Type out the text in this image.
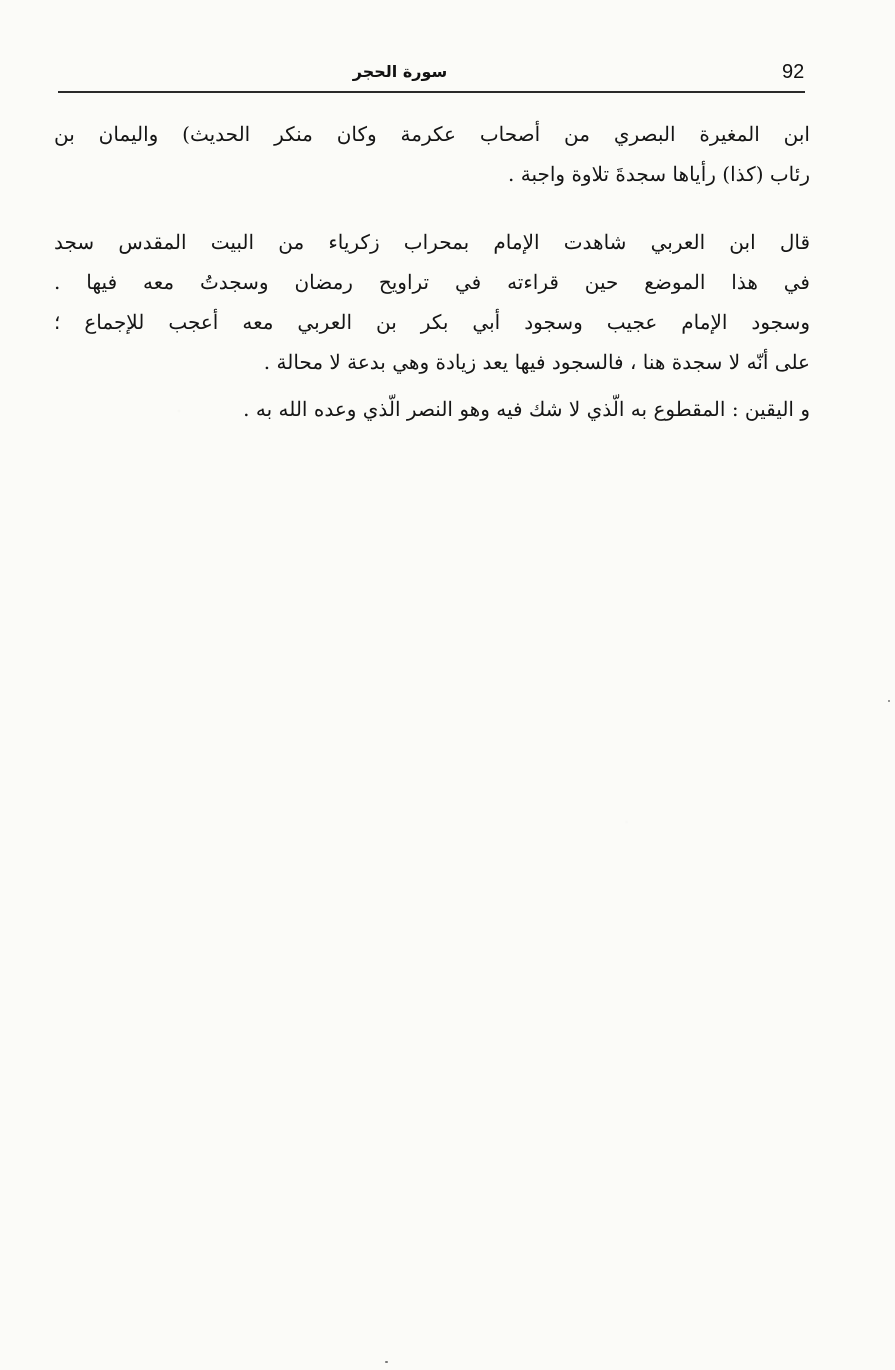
92
سورة الحجر
ابن المغيرة البصري من أصحاب عكرمة وكان منكر الحديث) واليمان بن
رئاب (كذا) رأياها سجدةَ تلاوة واجبة .
قال ابن العربي شاهدت الإمام بمحراب زكرياء من البيت المقدس سجد
في هذا الموضع حين قراءته في تراويح رمضان وسجدتُ معه فيها .
وسجود الإمام عجيب وسجود أبي بكر بن العربي معه أعجب للإجماع ؛
على أنّه لا سجدة هنا ، فالسجود فيها يعد زيادة وهي بدعة لا محالة .
و اليقين : المقطوع به الّذي لا شك فيه وهو النصر الّذي وعده الله به .
